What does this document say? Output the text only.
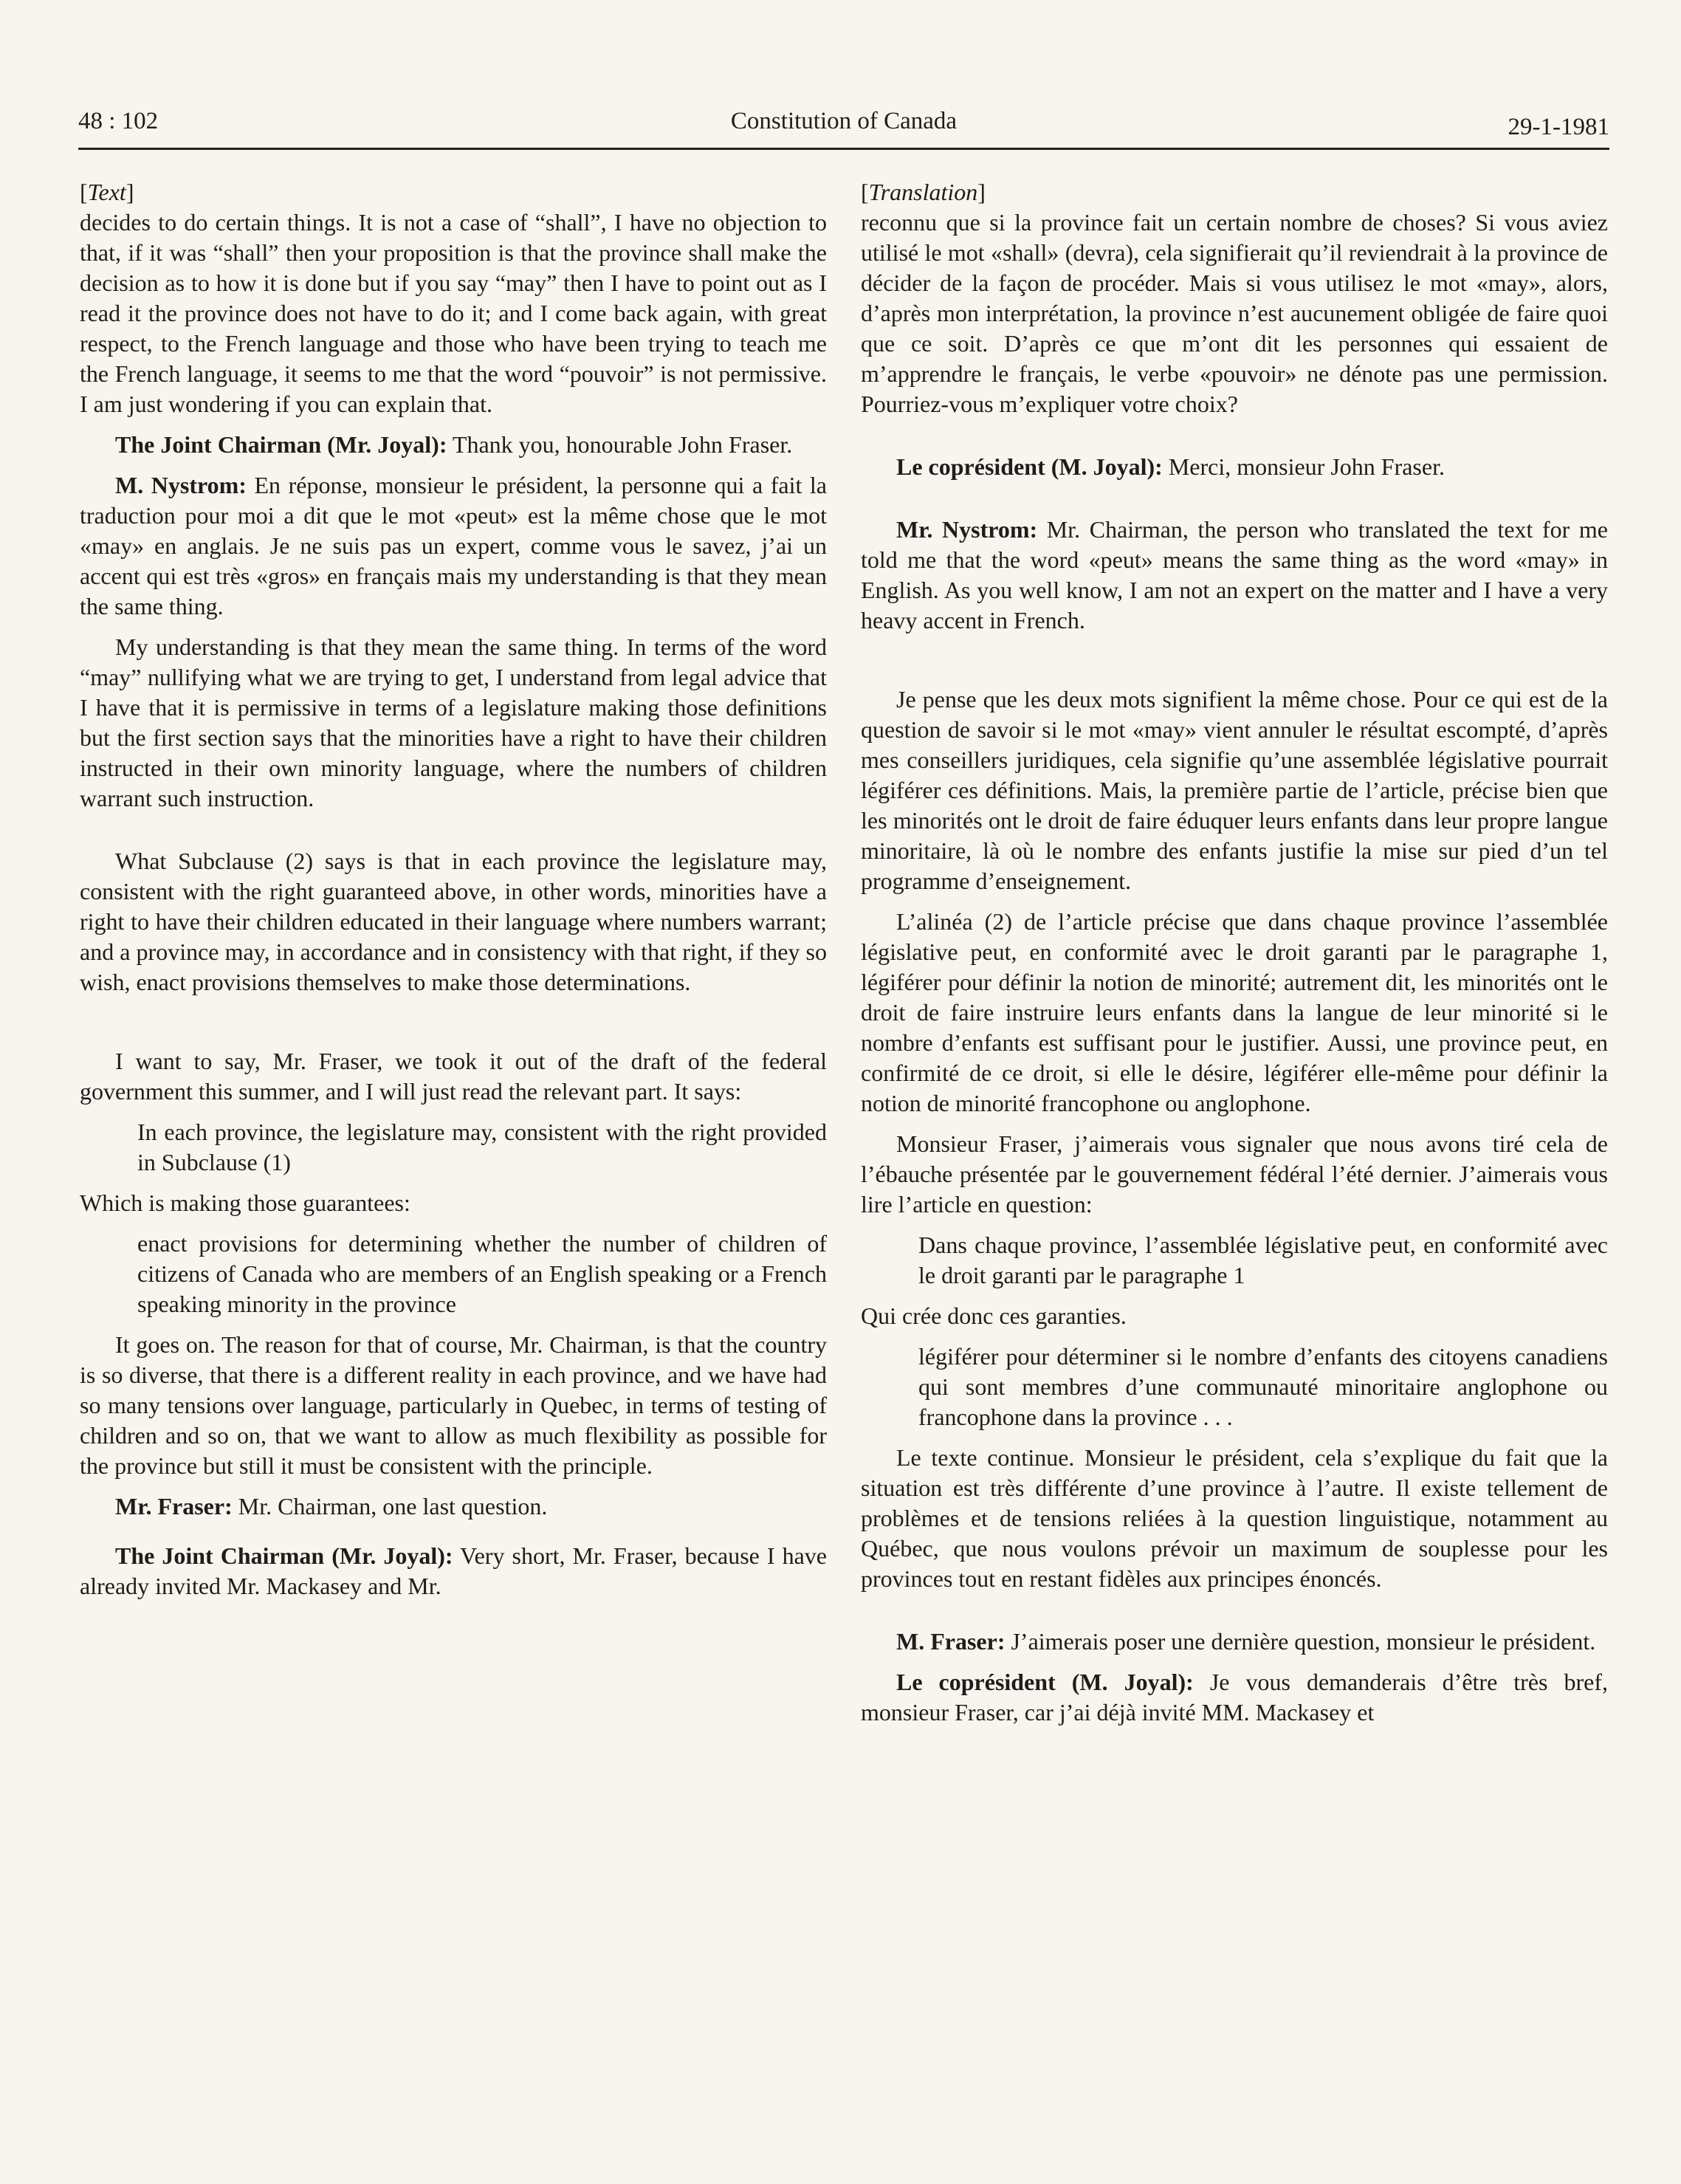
48 : 102	Constitution of Canada	29-1-1981

[Text]

decides to do certain things. It is not a case of “shall”, I have no objection to that, if it was “shall” then your proposition is that the province shall make the decision as to how it is done but if you say “may” then I have to point out as I read it the province does not have to do it; and I come back again, with great respect, to the French language and those who have been trying to teach me the French language, it seems to me that the word “pouvoir” is not permissive. I am just wondering if you can explain that.

The Joint Chairman (Mr. Joyal): Thank you, honourable John Fraser.

M. Nystrom: En réponse, monsieur le président, la personne qui a fait la traduction pour moi a dit que le mot «peut» est la même chose que le mot «may» en anglais. Je ne suis pas un expert, comme vous le savez, j’ai un accent qui est très «gros» en français mais my understanding is that they mean the same thing.

My understanding is that they mean the same thing. In terms of the word “may” nullifying what we are trying to get, I understand from legal advice that I have that it is permissive in terms of a legislature making those definitions but the first section says that the minorities have a right to have their children instructed in their own minority language, where the numbers of children warrant such instruction.

What Subclause (2) says is that in each province the legislature may, consistent with the right guaranteed above, in other words, minorities have a right to have their children educated in their language where numbers warrant; and a province may, in accordance and in consistency with that right, if they so wish, enact provisions themselves to make those determinations.

I want to say, Mr. Fraser, we took it out of the draft of the federal government this summer, and I will just read the relevant part. It says:

In each province, the legislature may, consistent with the right provided in Subclause (1)

Which is making those guarantees:

enact provisions for determining whether the number of children of citizens of Canada who are members of an English speaking or a French speaking minority in the province

It goes on. The reason for that of course, Mr. Chairman, is that the country is so diverse, that there is a different reality in each province, and we have had so many tensions over language, particularly in Quebec, in terms of testing of children and so on, that we want to allow as much flexibility as possible for the province but still it must be consistent with the principle.

Mr. Fraser: Mr. Chairman, one last question.

The Joint Chairman (Mr. Joyal): Very short, Mr. Fraser, because I have already invited Mr. Mackasey and Mr.

[Translation]

reconnu que si la province fait un certain nombre de choses? Si vous aviez utilisé le mot «shall» (devra), cela signifierait qu’il reviendrait à la province de décider de la façon de procéder. Mais si vous utilisez le mot «may», alors, d’après mon interprétation, la province n’est aucunement obligée de faire quoi que ce soit. D’après ce que m’ont dit les personnes qui essaient de m’apprendre le français, le verbe «pouvoir» ne dénote pas une permission. Pourriez-vous m’expliquer votre choix?

Le coprésident (M. Joyal): Merci, monsieur John Fraser.

Mr. Nystrom: Mr. Chairman, the person who translated the text for me told me that the word «peut» means the same thing as the word «may» in English. As you well know, I am not an expert on the matter and I have a very heavy accent in French.

Je pense que les deux mots signifient la même chose. Pour ce qui est de la question de savoir si le mot «may» vient annuler le résultat escompté, d’après mes conseillers juridiques, cela signifie qu’une assemblée législative pourrait légiférer ces définitions. Mais, la première partie de l’article, précise bien que les minorités ont le droit de faire éduquer leurs enfants dans leur propre langue minoritaire, là où le nombre des enfants justifie la mise sur pied d’un tel programme d’enseignement.

L’alinéa (2) de l’article précise que dans chaque province l’assemblée législative peut, en conformité avec le droit garanti par le paragraphe 1, légiférer pour définir la notion de minorité; autrement dit, les minorités ont le droit de faire instruire leurs enfants dans la langue de leur minorité si le nombre d’enfants est suffisant pour le justifier. Aussi, une province peut, en confirmité de ce droit, si elle le désire, légiférer elle-même pour définir la notion de minorité francophone ou anglophone.

Monsieur Fraser, j’aimerais vous signaler que nous avons tiré cela de l’ébauche présentée par le gouvernement fédéral l’été dernier. J’aimerais vous lire l’article en question:

Dans chaque province, l’assemblée législative peut, en conformité avec le droit garanti par le paragraphe 1

Qui crée donc ces garanties.

légiférer pour déterminer si le nombre d’enfants des citoyens canadiens qui sont membres d’une communauté minoritaire anglophone ou francophone dans la province . . .

Le texte continue. Monsieur le président, cela s’explique du fait que la situation est très différente d’une province à l’autre. Il existe tellement de problèmes et de tensions reliées à la question linguistique, notamment au Québec, que nous voulons prévoir un maximum de souplesse pour les provinces tout en restant fidèles aux principes énoncés.

M. Fraser: J’aimerais poser une dernière question, monsieur le président.

Le coprésident (M. Joyal): Je vous demanderais d’être très bref, monsieur Fraser, car j’ai déjà invité MM. Mackasey et
